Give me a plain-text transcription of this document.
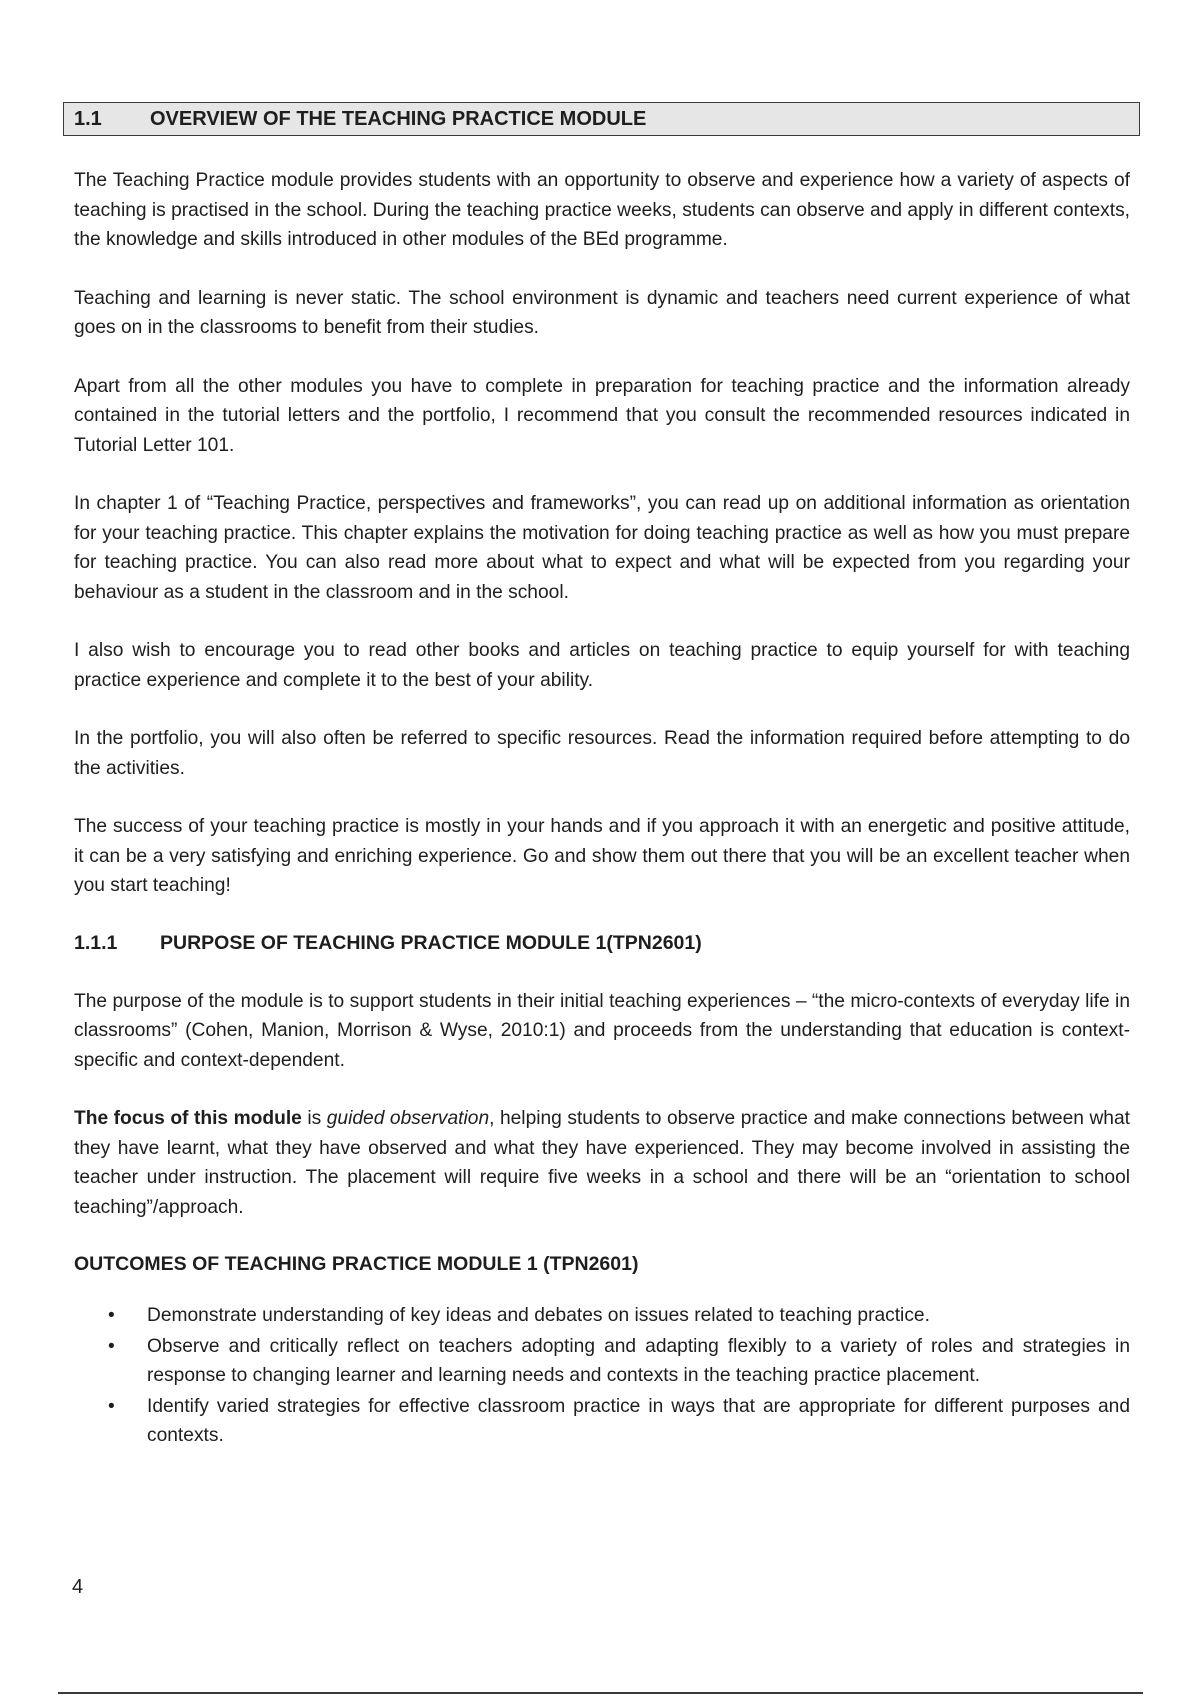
1.1	OVERVIEW OF THE TEACHING PRACTICE MODULE

The Teaching Practice module provides students with an opportunity to observe and experience how a variety of aspects of teaching is practised in the school. During the teaching practice weeks, students can observe and apply in different contexts, the knowledge and skills introduced in other modules of the BEd programme.

Teaching and learning is never static. The school environment is dynamic and teachers need current experience of what goes on in the classrooms to benefit from their studies.

Apart from all the other modules you have to complete in preparation for teaching practice and the information already contained in the tutorial letters and the portfolio, I recommend that you consult the recommended resources indicated in Tutorial Letter 101.

In chapter 1 of “Teaching Practice, perspectives and frameworks”, you can read up on additional information as orientation for your teaching practice. This chapter explains the motivation for doing teaching practice as well as how you must prepare for teaching practice. You can also read more about what to expect and what will be expected from you regarding your behaviour as a student in the classroom and in the school.

I also wish to encourage you to read other books and articles on teaching practice to equip yourself for with teaching practice experience and complete it to the best of your ability.

In the portfolio, you will also often be referred to specific resources. Read the information required before attempting to do the activities.

The success of your teaching practice is mostly in your hands and if you approach it with an energetic and positive attitude, it can be a very satisfying and enriching experience. Go and show them out there that you will be an excellent teacher when you start teaching!

1.1.1	PURPOSE OF TEACHING PRACTICE MODULE 1(TPN2601)

The purpose of the module is to support students in their initial teaching experiences – “the micro-contexts of everyday life in classrooms” (Cohen, Manion, Morrison & Wyse, 2010:1) and proceeds from the understanding that education is context-specific and context-dependent.

The focus of this module is guided observation, helping students to observe practice and make connections between what they have learnt, what they have observed and what they have experienced. They may become involved in assisting the teacher under instruction. The placement will require five weeks in a school and there will be an “orientation to school teaching”/approach.

OUTCOMES OF TEACHING PRACTICE MODULE 1 (TPN2601)
• Demonstrate understanding of key ideas and debates on issues related to teaching practice.
• Observe and critically reflect on teachers adopting and adapting flexibly to a variety of roles and strategies in response to changing learner and learning needs and contexts in the teaching practice placement.
• Identify varied strategies for effective classroom practice in ways that are appropriate for different purposes and contexts.
4
